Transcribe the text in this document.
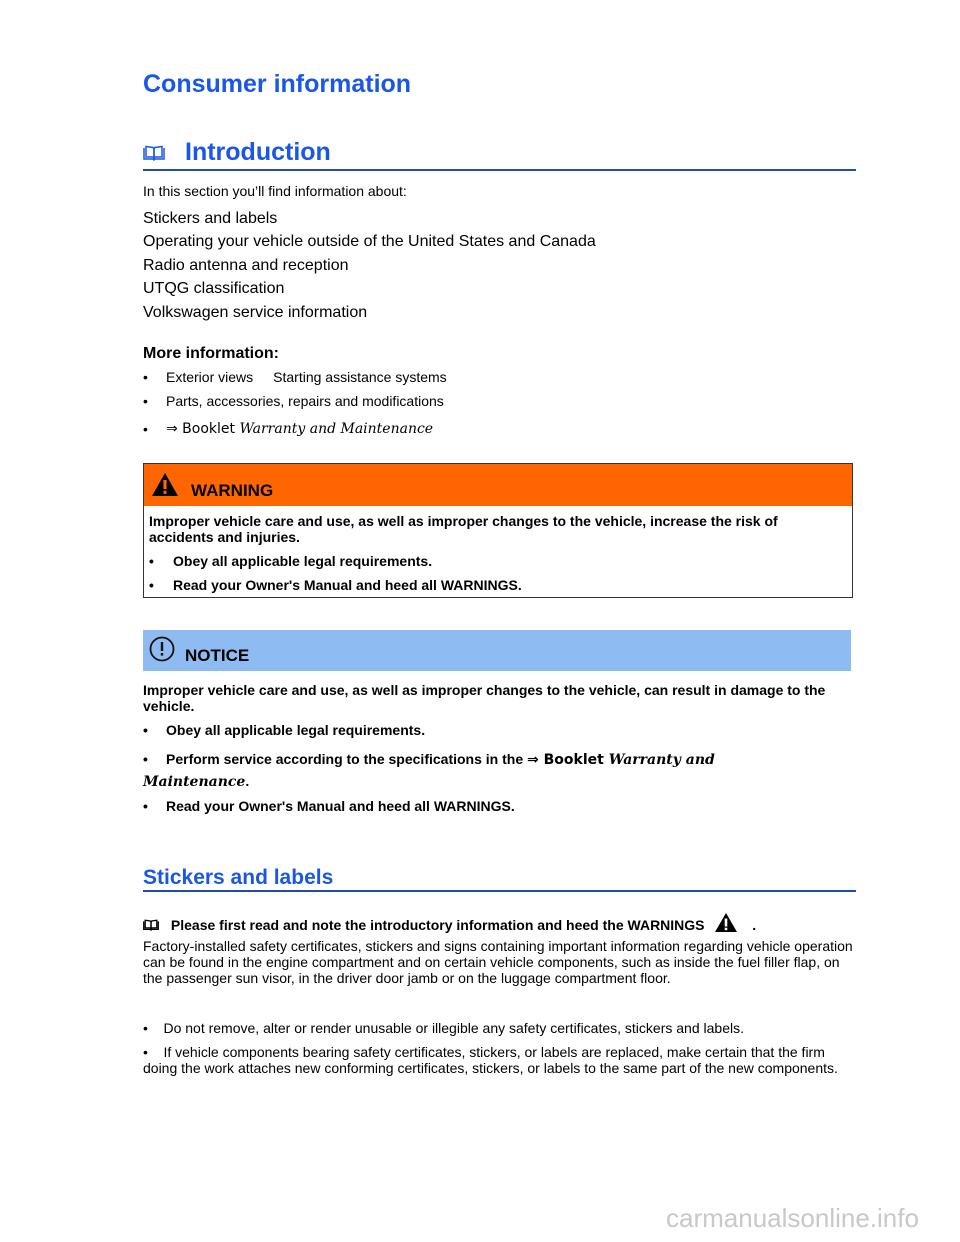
Consumer information
Introduction
In this section you’ll find information about:
Stickers and labels
Operating your vehicle outside of the United States and Canada
Radio antenna and reception
UTQG classification
Volkswagen service information
More information:
• Exterior views Starting assistance systems
• Parts, accessories, repairs and modifications
• ⇒ Booklet Warranty and Maintenance
WARNING
Improper vehicle care and use, as well as improper changes to the vehicle, increase the risk of accidents and injuries.
• Obey all applicable legal requirements.
• Read your Owner's Manual and heed all WARNINGS.
NOTICE
Improper vehicle care and use, as well as improper changes to the vehicle, can result in damage to the vehicle.
• Obey all applicable legal requirements.
• Perform service according to the specifications in the ⇒ Booklet Warranty and
Maintenance.
• Read your Owner's Manual and heed all WARNINGS.
Stickers and labels
Please first read and note the introductory information and heed the WARNINGS	.
Factory-installed safety certificates, stickers and signs containing important information regarding vehicle operation can be found in the engine compartment and on certain vehicle components, such as inside the fuel filler flap, on the passenger sun visor, in the driver door jamb or on the luggage compartment floor.
• Do not remove, alter or render unusable or illegible any safety certificates, stickers and labels.
• If vehicle components bearing safety certificates, stickers, or labels are replaced, make certain that the firm doing the work attaches new conforming certificates, stickers, or labels to the same part of the new components.
carmanualsonline.info
